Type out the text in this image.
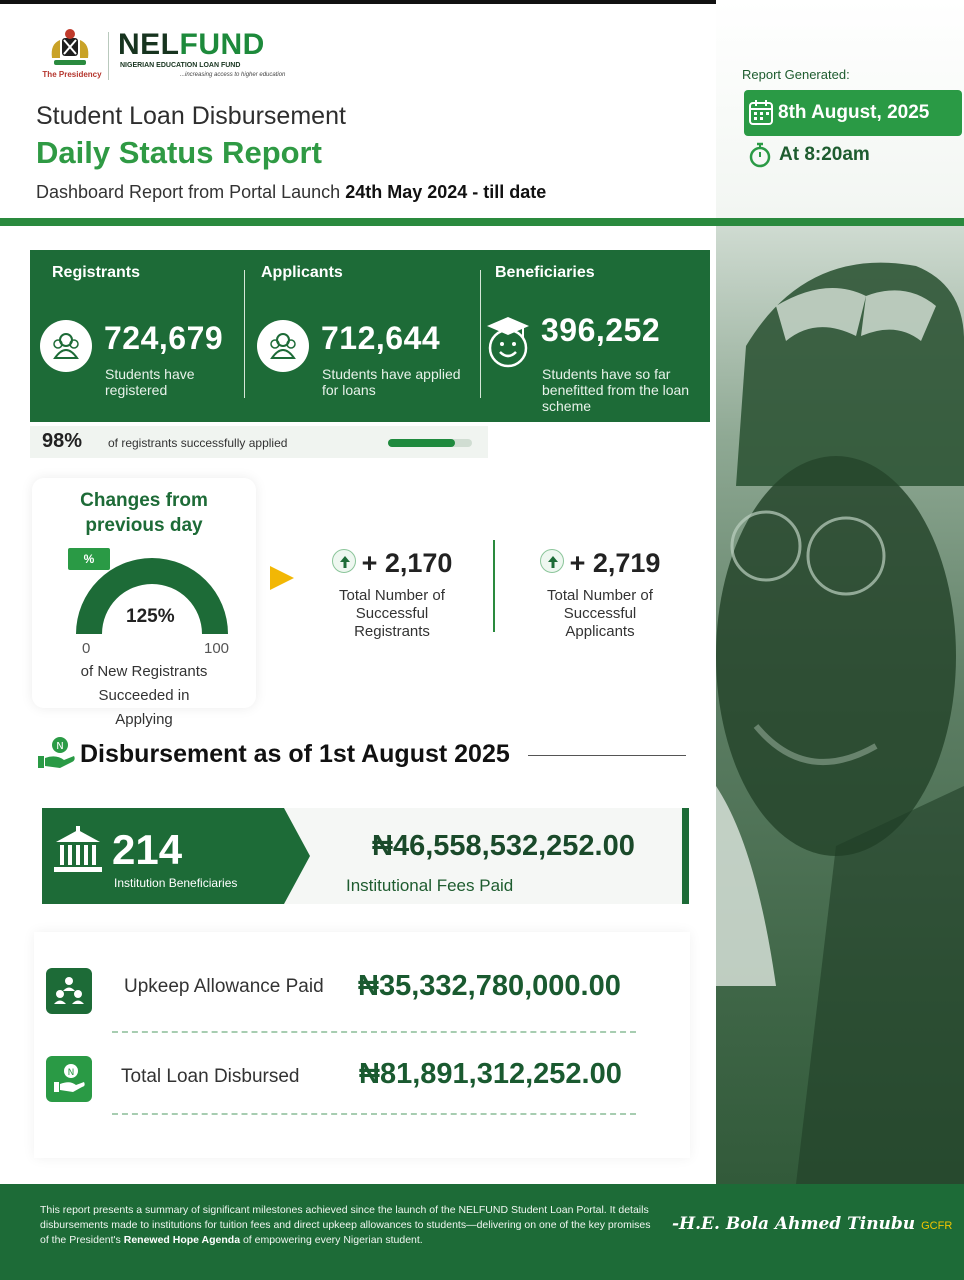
The Presidency
NELFUND
NIGERIAN EDUCATION LOAN FUND
...increasing access to higher education
Student Loan Disbursement
Daily Status Report
Dashboard Report from Portal Launch 24th May 2024 - till date
Report Generated:
8th August, 2025
At 8:20am
Registrants
724,679
Students have registered
Applicants
712,644
Students have applied for loans
Beneficiaries
396,252
Students have so far benefitted from the loan scheme
98% of registrants successfully applied
Changes from previous day
%
125%
0	100
of New Registrants Succeeded in Applying
+ 2,170
Total Number of Successful Registrants
+ 2,719
Total Number of Successful Applicants
N Disbursement as of 1st August 2025
214
Institution Beneficiaries
₦46,558,532,252.00
Institutional Fees Paid
Upkeep Allowance Paid ₦35,332,780,000.00
N Total Loan Disbursed ₦81,891,312,252.00
This report presents a summary of significant milestones achieved since the launch of the NELFUND Student Loan Portal. It details disbursements made to institutions for tuition fees and direct upkeep allowances to students—delivering on one of the key promises of the President's Renewed Hope Agenda of empowering every Nigerian student.
-H.E. Bola Ahmed Tinubu GCFR
